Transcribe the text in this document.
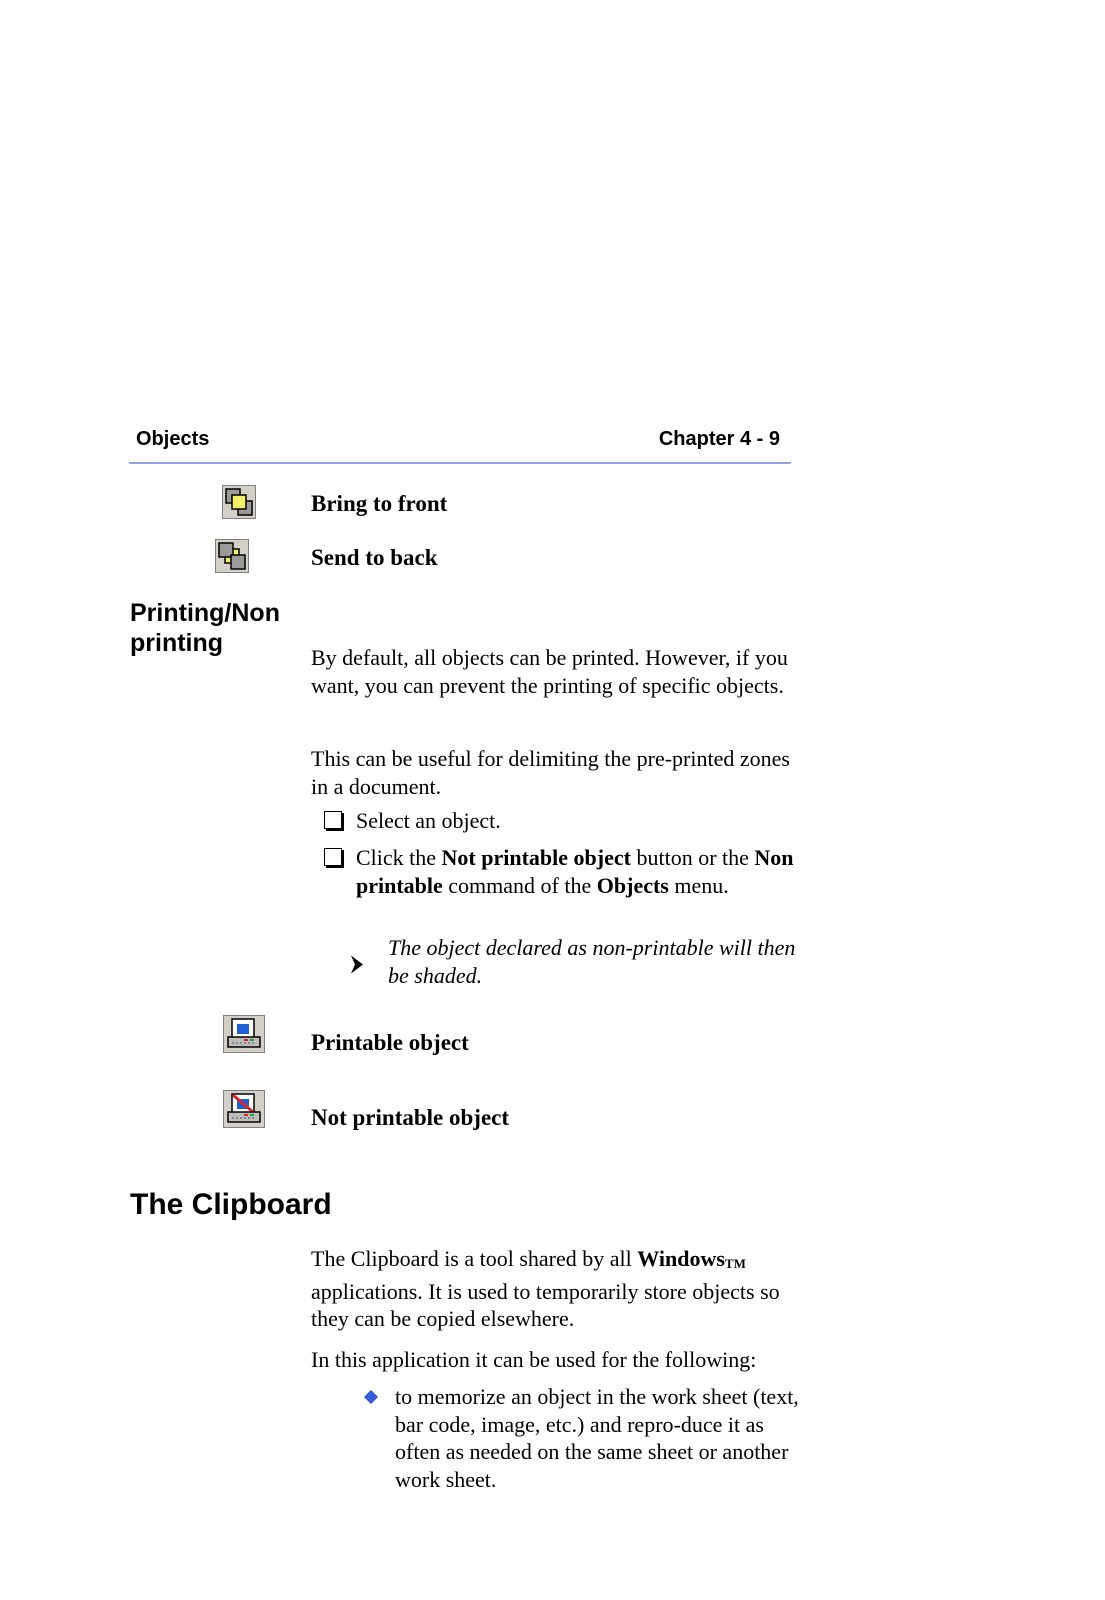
Objects	Chapter 4 - 9
Bring to front
Send to back
Printing/Non printing
By default, all objects can be printed. However, if you want, you can prevent the printing of specific objects.
This can be useful for delimiting the pre-printed zones in a document.
Select an object.
Click the Not printable object button or the Non printable command of the Objects menu.
The object declared as non-printable will then be shaded.
Printable object
Not printable object
The Clipboard
The Clipboard is a tool shared by all WindowsTM applications. It is used to temporarily store objects so they can be copied elsewhere.
In this application it can be used for the following:
to memorize an object in the work sheet (text, bar code, image, etc.) and repro-duce it as often as needed on the same sheet or another work sheet.
